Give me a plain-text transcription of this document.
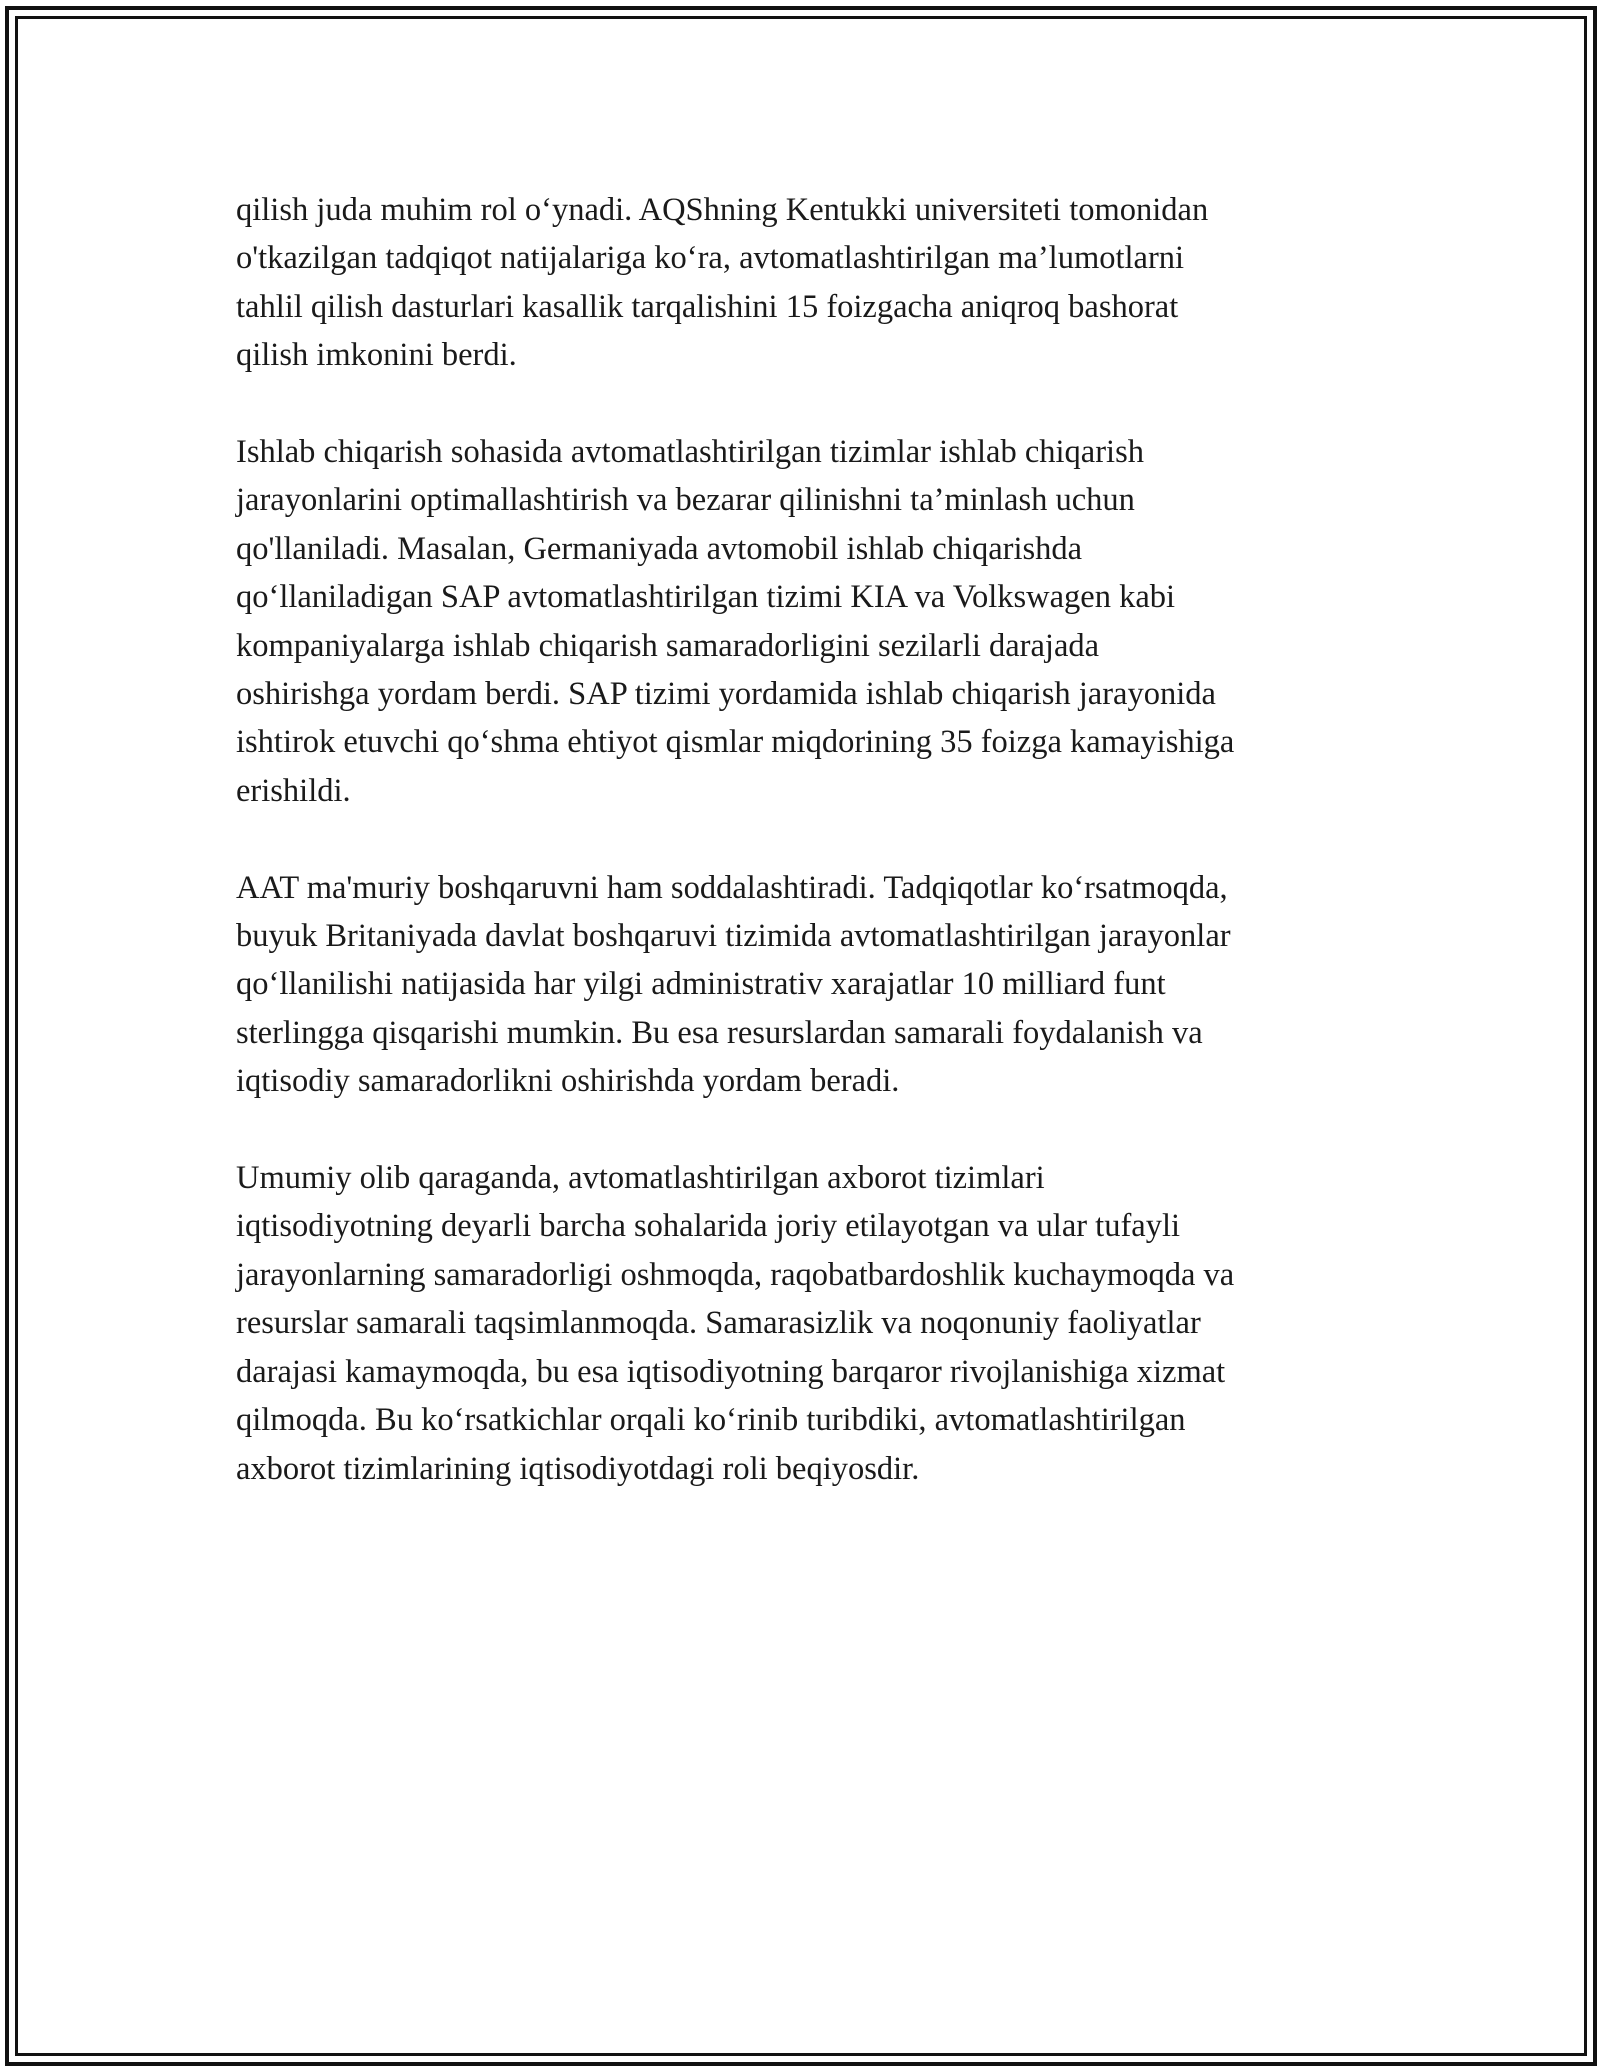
qilish juda muhim rol o‘ynadi. AQShning Kentukki universiteti tomonidan
o'tkazilgan tadqiqot natijalariga ko‘ra, avtomatlashtirilgan ma’lumotlarni
tahlil qilish dasturlari kasallik tarqalishini 15 foizgacha aniqroq bashorat
qilish imkonini berdi.

Ishlab chiqarish sohasida avtomatlashtirilgan tizimlar ishlab chiqarish
jarayonlarini optimallashtirish va bezarar qilinishni ta’minlash uchun
qo'llaniladi. Masalan, Germaniyada avtomobil ishlab chiqarishda
qo‘llaniladigan SAP avtomatlashtirilgan tizimi KIA va Volkswagen kabi
kompaniyalarga ishlab chiqarish samaradorligini sezilarli darajada
oshirishga yordam berdi. SAP tizimi yordamida ishlab chiqarish jarayonida
ishtirok etuvchi qo‘shma ehtiyot qismlar miqdorining 35 foizga kamayishiga
erishildi.

AAT ma'muriy boshqaruvni ham soddalashtiradi. Tadqiqotlar ko‘rsatmoqda,
buyuk Britaniyada davlat boshqaruvi tizimida avtomatlashtirilgan jarayonlar
qo‘llanilishi natijasida har yilgi administrativ xarajatlar 10 milliard funt
sterlingga qisqarishi mumkin. Bu esa resurslardan samarali foydalanish va
iqtisodiy samaradorlikni oshirishda yordam beradi.

Umumiy olib qaraganda, avtomatlashtirilgan axborot tizimlari
iqtisodiyotning deyarli barcha sohalarida joriy etilayotgan va ular tufayli
jarayonlarning samaradorligi oshmoqda, raqobatbardoshlik kuchaymoqda va
resurslar samarali taqsimlanmoqda. Samarasizlik va noqonuniy faoliyatlar
darajasi kamaymoqda, bu esa iqtisodiyotning barqaror rivojlanishiga xizmat
qilmoqda. Bu ko‘rsatkichlar orqali ko‘rinib turibdiki, avtomatlashtirilgan
axborot tizimlarining iqtisodiyotdagi roli beqiyosdir.
